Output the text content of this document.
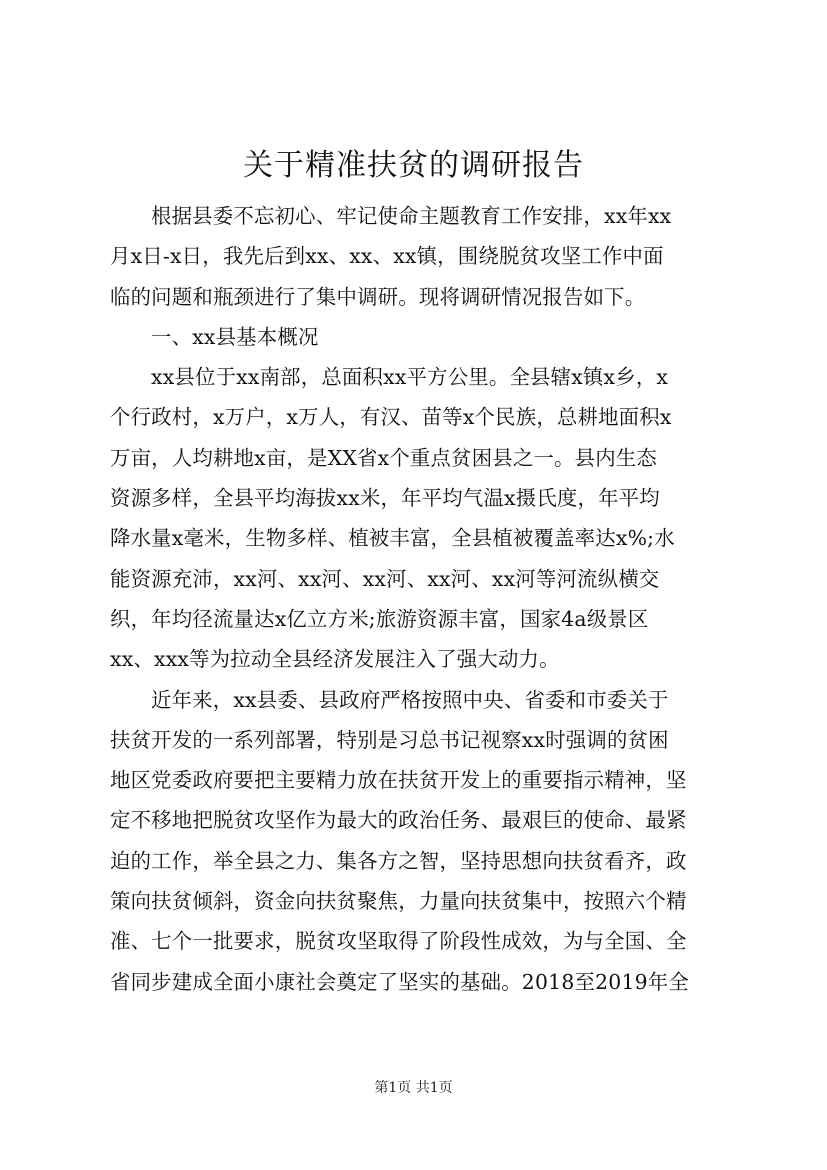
关于精准扶贫的调研报告
根据县委不忘初心、牢记使命主题教育工作安排，xx年xx
月x日-x日，我先后到xx、xx、xx镇，围绕脱贫攻坚工作中面
临的问题和瓶颈进行了集中调研。现将调研情况报告如下。
一、xx县基本概况
xx县位于xx南部，总面积xx平方公里。全县辖x镇x乡，x
个行政村，x万户，x万人，有汉、苗等x个民族，总耕地面积x
万亩，人均耕地x亩，是XX省x个重点贫困县之一。县内生态
资源多样，全县平均海拔xx米，年平均气温x摄氏度，年平均
降水量x毫米，生物多样、植被丰富，全县植被覆盖率达x%;水
能资源充沛，xx河、xx河、xx河、xx河、xx河等河流纵横交
织，年均径流量达x亿立方米;旅游资源丰富，国家4a级景区
xx、xxx等为拉动全县经济发展注入了强大动力。
近年来，xx县委、县政府严格按照中央、省委和市委关于
扶贫开发的一系列部署，特别是习总书记视察xx时强调的贫困
地区党委政府要把主要精力放在扶贫开发上的重要指示精神，坚
定不移地把脱贫攻坚作为最大的政治任务、最艰巨的使命、最紧
迫的工作，举全县之力、集各方之智，坚持思想向扶贫看齐，政
策向扶贫倾斜，资金向扶贫聚焦，力量向扶贫集中，按照六个精
准、七个一批要求，脱贫攻坚取得了阶段性成效，为与全国、全
省同步建成全面小康社会奠定了坚实的基础。2018至2019年全
第1页 共1页
